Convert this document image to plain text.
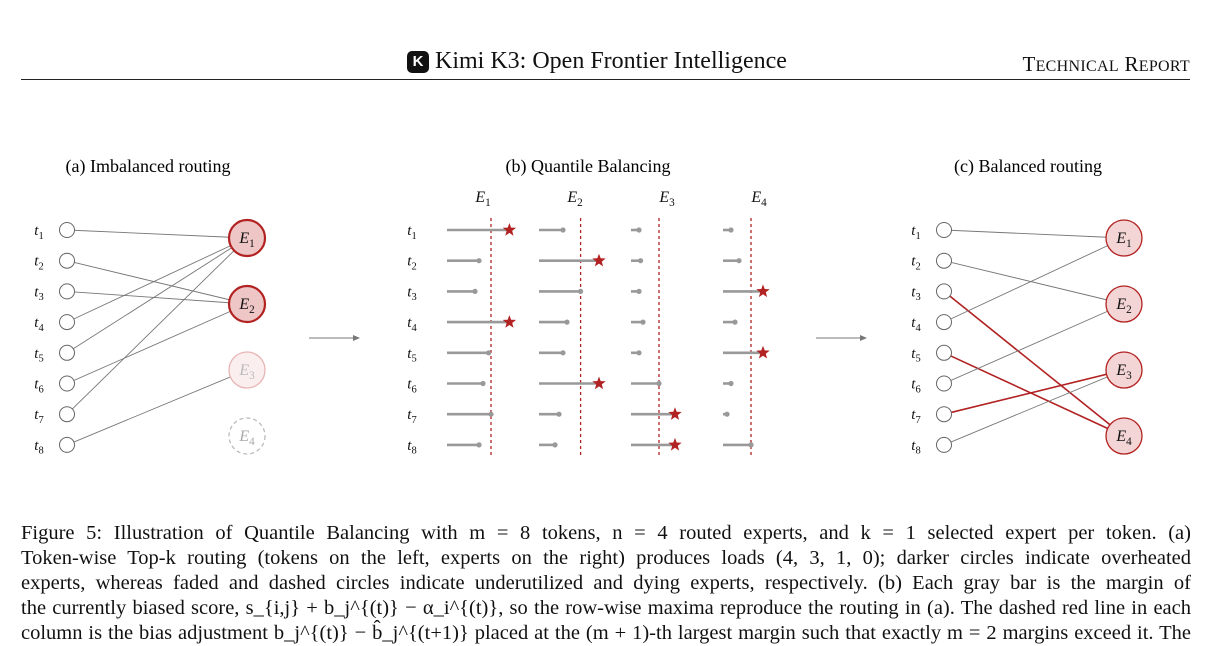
K Kimi K3: Open Frontier Intelligence	TECHNICAL REPORT
(a) Imbalanced routing	(b) Quantile Balancing	(c) Balanced routing
$t_1$
$t_2$
$t_3$
$t_4$
$t_5$
$t_6$
$t_7$
$t_8$
$E_1$
$E_2$
$E_3$
$E_4$
$E_1$	$E_2$	$E_3$	$E_4$
$t_1$
$t_2$
$t_3$
$t_4$
$t_5$
$t_6$
$t_7$
$t_8$
$t_1$
$t_2$
$t_3$
$t_4$
$t_5$
$t_6$
$t_7$
$t_8$
$E_1$
$E_2$
$E_3$
$E_4$

Figure 5: Illustration of Quantile Balancing with m = 8 tokens, n = 4 routed experts, and k = 1 selected expert per token. (a)

Token-wise Top-k routing (tokens on the left, experts on the right) produces loads (4, 3, 1, 0); darker circles indicate overheated

experts, whereas faded and dashed circles indicate underutilized and dying experts, respectively. (b) Each gray bar is the margin of

the currently biased score, s_{i,j} + b_j^{(t)} − α_i^{(t)}, so the row-wise maxima reproduce the routing in (a). The dashed red line in each

column is the bias adjustment b_j^{(t)} − b̂_j^{(t+1)} placed at the (m + 1)-th largest margin such that exactly m = 2 margins exceed it. The
